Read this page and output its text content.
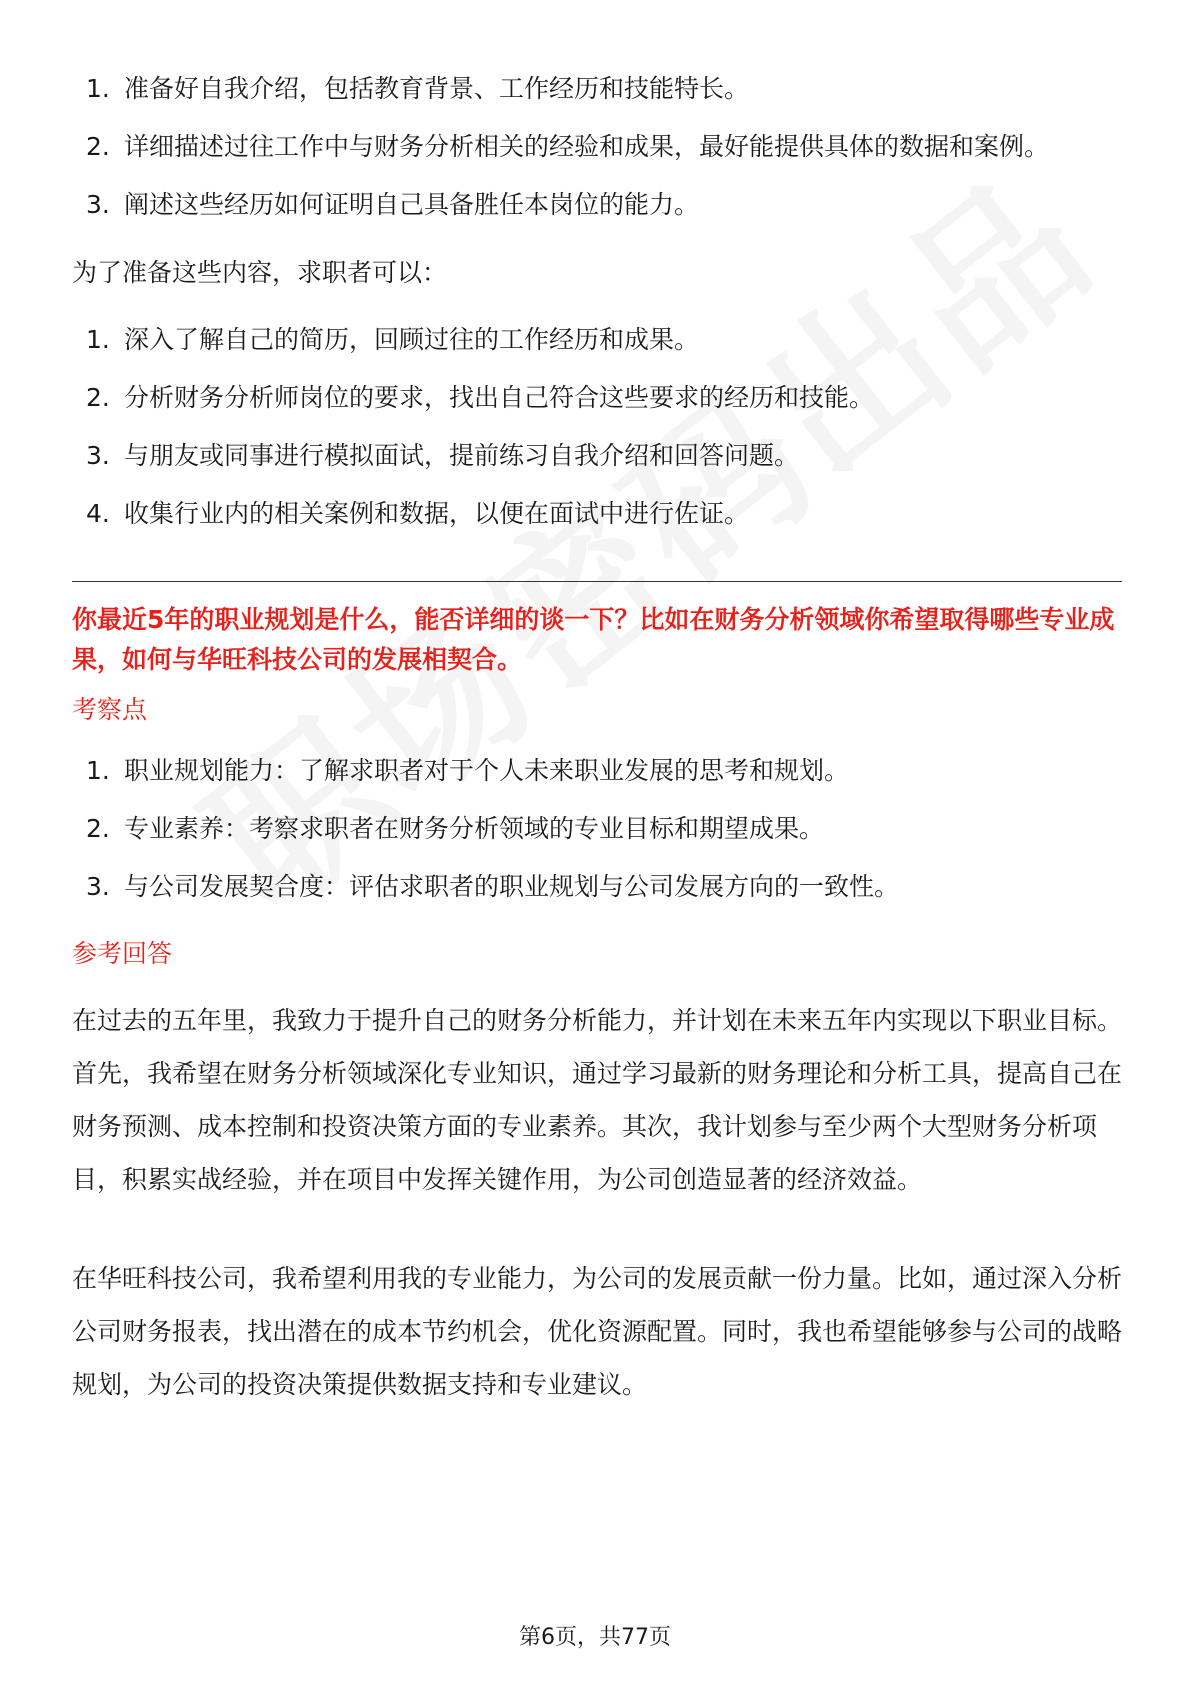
1. 准备好自我介绍，包括教育背景、工作经历和技能特长。
2. 详细描述过往工作中与财务分析相关的经验和成果，最好能提供具体的数据和案例。
3. 阐述这些经历如何证明自己具备胜任本岗位的能力。

为了准备这些内容，求职者可以：

1. 深入了解自己的简历，回顾过往的工作经历和成果。
2. 分析财务分析师岗位的要求，找出自己符合这些要求的经历和技能。
3. 与朋友或同事进行模拟面试，提前练习自我介绍和回答问题。
4. 收集行业内的相关案例和数据，以便在面试中进行佐证。

你最近5年的职业规划是什么，能否详细的谈一下？比如在财务分析领域你希望取得哪些专业成果，如何与华旺科技公司的发展相契合。

考察点

1. 职业规划能力：了解求职者对于个人未来职业发展的思考和规划。
2. 专业素养：考察求职者在财务分析领域的专业目标和期望成果。
3. 与公司发展契合度：评估求职者的职业规划与公司发展方向的一致性。

参考回答

在过去的五年里，我致力于提升自己的财务分析能力，并计划在未来五年内实现以下职业目标。首先，我希望在财务分析领域深化专业知识，通过学习最新的财务理论和分析工具，提高自己在财务预测、成本控制和投资决策方面的专业素养。其次，我计划参与至少两个大型财务分析项目，积累实战经验，并在项目中发挥关键作用，为公司创造显著的经济效益。

在华旺科技公司，我希望利用我的专业能力，为公司的发展贡献一份力量。比如，通过深入分析公司财务报表，找出潜在的成本节约机会，优化资源配置。同时，我也希望能够参与公司的战略规划，为公司的投资决策提供数据支持和专业建议。

第6页，共77页
